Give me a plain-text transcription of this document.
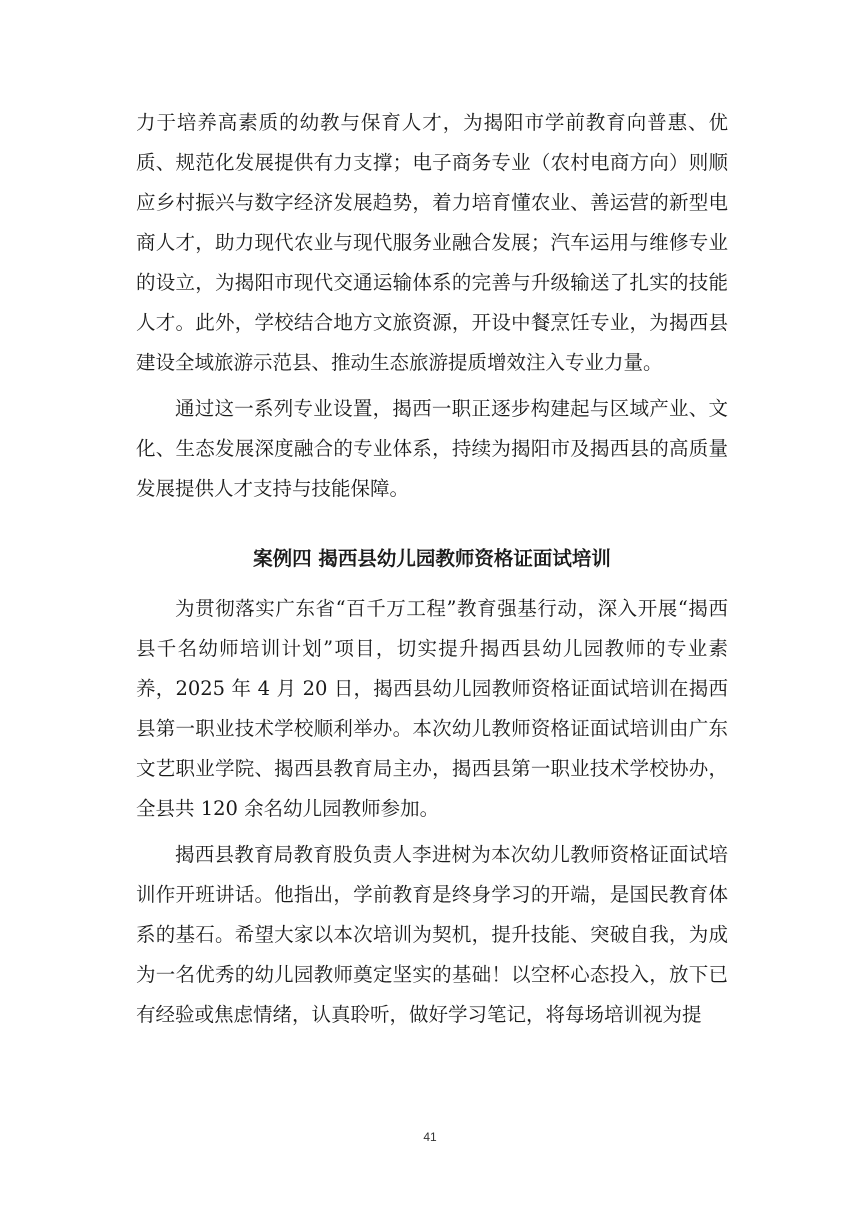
力于培养高素质的幼教与保育人才，为揭阳市学前教育向普惠、优质、规范化发展提供有力支撑；电子商务专业（农村电商方向）则顺应乡村振兴与数字经济发展趋势，着力培育懂农业、善运营的新型电商人才，助力现代农业与现代服务业融合发展；汽车运用与维修专业的设立，为揭阳市现代交通运输体系的完善与升级输送了扎实的技能人才。此外，学校结合地方文旅资源，开设中餐烹饪专业，为揭西县建设全域旅游示范县、推动生态旅游提质增效注入专业力量。

通过这一系列专业设置，揭西一职正逐步构建起与区域产业、文化、生态发展深度融合的专业体系，持续为揭阳市及揭西县的高质量发展提供人才支持与技能保障。

案例四 揭西县幼儿园教师资格证面试培训

为贯彻落实广东省“百千万工程”教育强基行动，深入开展“揭西县千名幼师培训计划”项目，切实提升揭西县幼儿园教师的专业素养，2025 年 4 月 20 日，揭西县幼儿园教师资格证面试培训在揭西县第一职业技术学校顺利举办。本次幼儿教师资格证面试培训由广东文艺职业学院、揭西县教育局主办，揭西县第一职业技术学校协办，全县共 120 余名幼儿园教师参加。

揭西县教育局教育股负责人李进树为本次幼儿教师资格证面试培训作开班讲话。他指出，学前教育是终身学习的开端，是国民教育体系的基石。希望大家以本次培训为契机，提升技能、突破自我，为成为一名优秀的幼儿园教师奠定坚实的基础！以空杯心态投入，放下已有经验或焦虑情绪，认真聆听，做好学习笔记，将每场培训视为提

41
